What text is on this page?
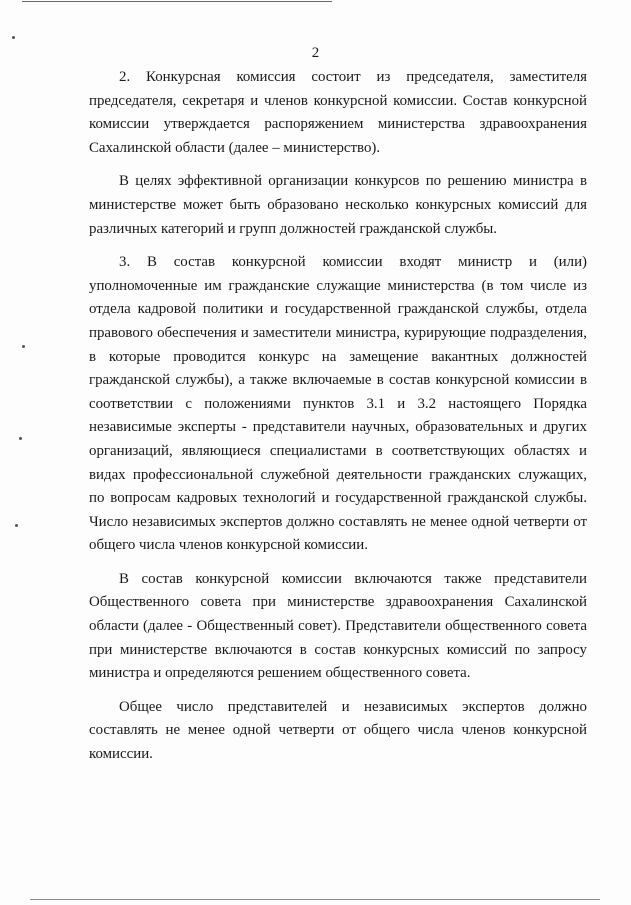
2

2. Конкурсная комиссия состоит из председателя, заместителя председателя, секретаря и членов конкурсной комиссии. Состав конкурсной комиссии утверждается распоряжением министерства здравоохранения Сахалинской области (далее – министерство).

В целях эффективной организации конкурсов по решению министра в министерстве может быть образовано несколько конкурсных комиссий для различных категорий и групп должностей гражданской службы.

3. В состав конкурсной комиссии входят министр и (или) уполномоченные им гражданские служащие министерства (в том числе из отдела кадровой политики и государственной гражданской службы, отдела правового обеспечения и заместители министра, курирующие подразделения, в которые проводится конкурс на замещение вакантных должностей гражданской службы), а также включаемые в состав конкурсной комиссии в соответствии с положениями пунктов 3.1 и 3.2 настоящего Порядка независимые эксперты - представители научных, образовательных и других организаций, являющиеся специалистами в соответствующих областях и видах профессиональной служебной деятельности гражданских служащих, по вопросам кадровых технологий и государственной гражданской службы. Число независимых экспертов должно составлять не менее одной четверти от общего числа членов конкурсной комиссии.

В состав конкурсной комиссии включаются также представители Общественного совета при министерстве здравоохранения Сахалинской области (далее - Общественный совет). Представители общественного совета при министерстве включаются в состав конкурсных комиссий по запросу министра и определяются решением общественного совета.

Общее число представителей и независимых экспертов должно составлять не менее одной четверти от общего числа членов конкурсной комиссии.
